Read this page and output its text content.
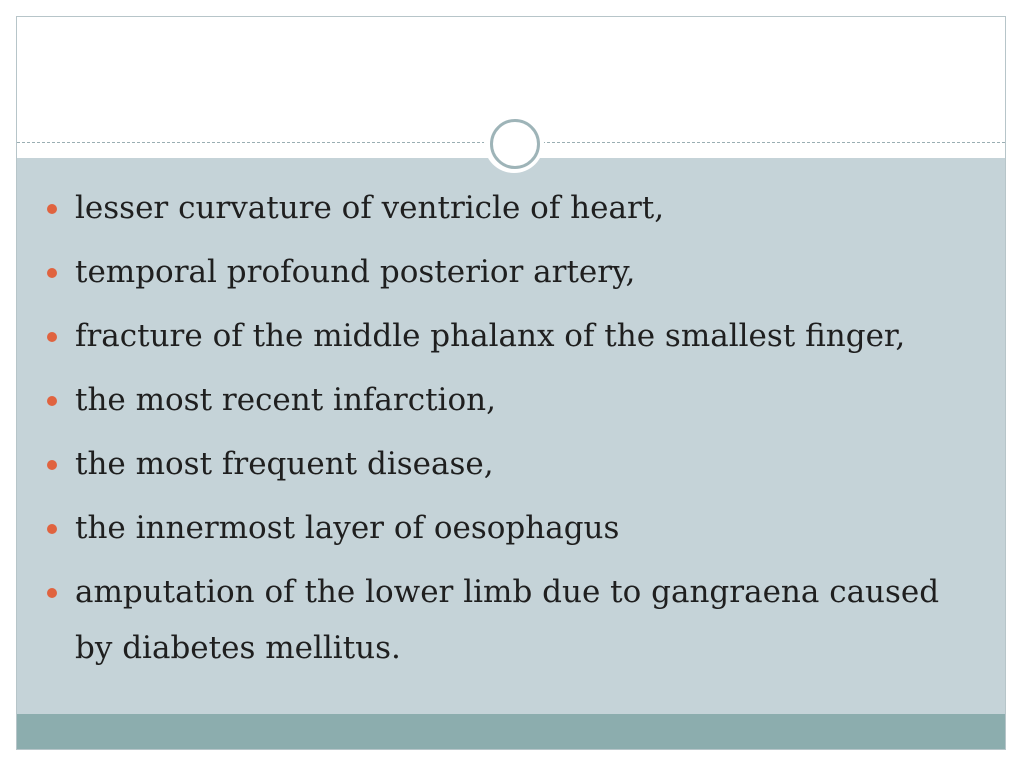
lesser curvature of ventricle of heart,
temporal profound posterior artery,
fracture of the middle phalanx of the smallest finger,
the most recent infarction,
the most frequent disease,
the innermost layer of oesophagus
amputation of the lower limb due to gangraena caused by diabetes mellitus.
